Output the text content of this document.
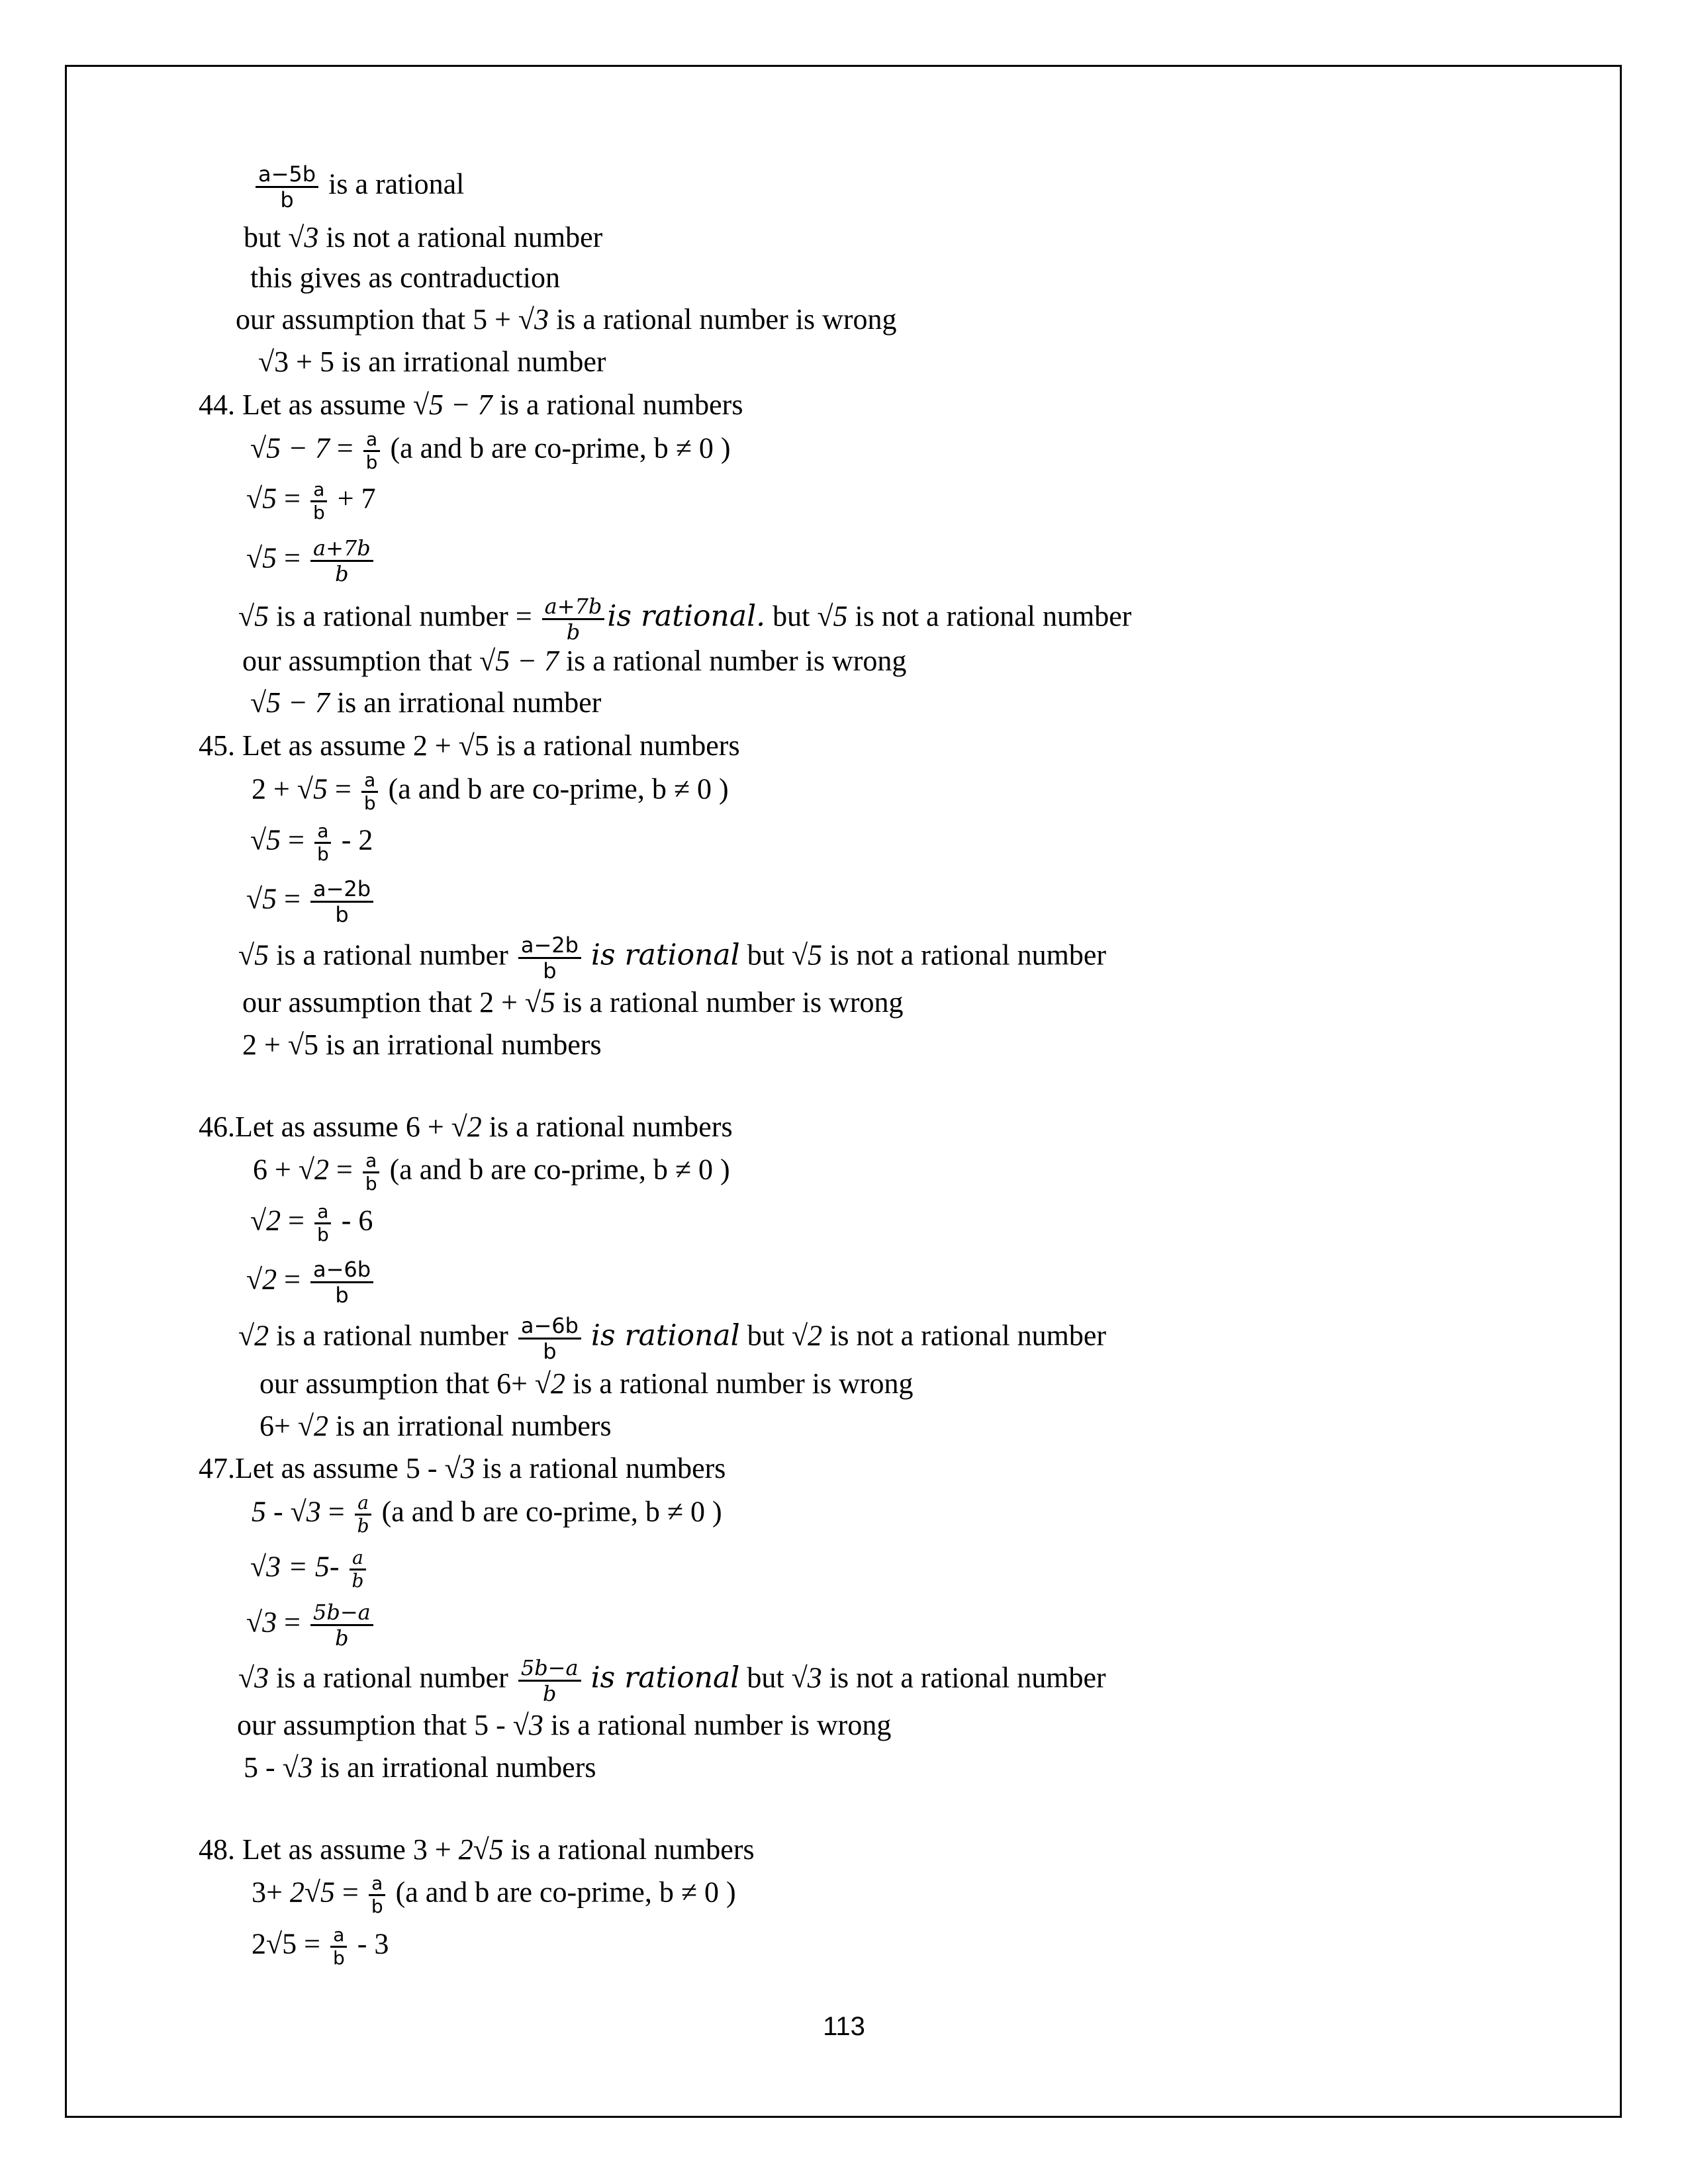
$\frac{a-5b}{b}$ is a rational
but √3 is not a rational number
this gives as contraduction
our assumption that 5 + √3 is a rational number is wrong
√3 + 5 is an irrational number
44. Let as assume √5 − 7 is a rational numbers
$√5 - 7 = \frac{a}{b} (a$ and b are co-prime, b ≠ 0 )
$√5 = \frac{a}{b} + 7$
$√5 = \frac{a+7b}{b}$
√5 is a rational number = $\frac{a+7b}{b}$ is rational. but √5 is not a rational number
our assumption that √5 − 7 is a rational number is wrong
√5 − 7 is an irrational number
45. Let as assume 2 + √5 is a rational numbers
$2 + √5 = \frac{a}{b} (a$ and b are co-prime, b ≠ 0 )
$√5 = \frac{a}{b} - 2$
$√5 = \frac{a-2b}{b}$
√5 is a rational number $\frac{a-2b}{b}$ is rational but √5 is not a rational number
our assumption that 2 + √5 is a rational number is wrong
2 + √5 is an irrational numbers
46.Let as assume 6 + √2 is a rational numbers
$6 + √2 = \frac{a}{b} (a$ and b are co-prime, b ≠ 0 )
$√2 = \frac{a}{b} - 6$
$√2 = \frac{a-6b}{b}$
√2 is a rational number $\frac{a-6b}{b}$ is rational but √2 is not a rational number
our assumption that 6+ √2 is a rational number is wrong
6+ √2 is an irrational numbers
47.Let as assume 5 - √3 is a rational numbers
$5 - √3 = \frac{a}{b} (a$ and b are co-prime, b ≠ 0 )
$√3 = 5- \frac{a}{b}$
$√3 = \frac{5b-a}{b}$
√3 is a rational number $\frac{5b-a}{b}$ is rational but √3 is not a rational number
our assumption that 5 - √3 is a rational number is wrong
5 - √3 is an irrational numbers
48. Let as assume 3 + 2√5 is a rational numbers
$3+ 2√5 = \frac{a}{b} (a$ and b are co-prime, b ≠ 0 )
$2√5 = \frac{a}{b} - 3$
113
